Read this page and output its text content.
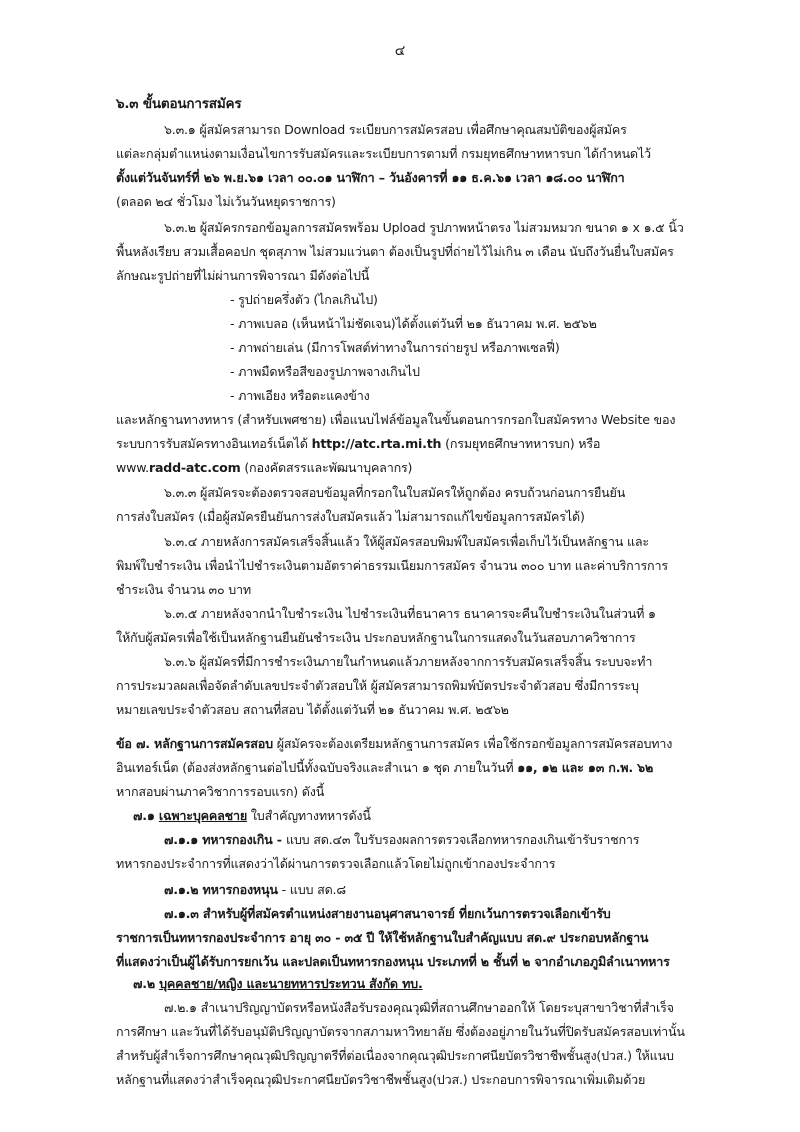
๔
๖.๓ ขั้นตอนการสมัคร
๖.๓.๑ ผู้สมัครสามารถ Download ระเบียบการสมัครสอบ เพื่อศึกษาคุณสมบัติของผู้สมัคร
แต่ละกลุ่มตำแหน่งตามเงื่อนไขการรับสมัครและระเบียบการตามที่ กรมยุทธศึกษาทหารบก ได้กำหนดไว้
ตั้งแต่วันจันทร์ที่ ๒๖ พ.ย.๖๑ เวลา ๐๐.๐๑ นาฬิกา – วันอังคารที่ ๑๑ ธ.ค.๖๑ เวลา ๑๘.๐๐ นาฬิกา
(ตลอด ๒๔ ชั่วโมง ไม่เว้นวันหยุดราชการ)
๖.๓.๒ ผู้สมัครกรอกข้อมูลการสมัครพร้อม Upload รูปภาพหน้าตรง ไม่สวมหมวก ขนาด ๑ x ๑.๕ นิ้ว
พื้นหลังเรียบ สวมเสื้อคอปก ชุดสุภาพ ไม่สวมแว่นตา ต้องเป็นรูปที่ถ่ายไว้ไม่เกิน ๓ เดือน นับถึงวันยื่นใบสมัคร
ลักษณะรูปถ่ายที่ไม่ผ่านการพิจารณา มีดังต่อไปนี้
- รูปถ่ายครึ่งตัว (ไกลเกินไป)
- ภาพเบลอ (เห็นหน้าไม่ชัดเจน)ได้ตั้งแต่วันที่ ๒๑ ธันวาคม พ.ศ. ๒๕๖๒
- ภาพถ่ายเล่น (มีการโพสต์ท่าทางในการถ่ายรูป หรือภาพเซลฟี่)
- ภาพมืดหรือสีของรูปภาพจางเกินไป
- ภาพเอียง หรือตะแคงข้าง
และหลักฐานทางทหาร (สำหรับเพศชาย) เพื่อแนบไฟล์ข้อมูลในขั้นตอนการกรอกใบสมัครทาง Website ของ
ระบบการรับสมัครทางอินเทอร์เน็ตได้ http://atc.rta.mi.th (กรมยุทธศึกษาทหารบก) หรือ
www.radd-atc.com (กองคัดสรรและพัฒนาบุคลากร)
๖.๓.๓ ผู้สมัครจะต้องตรวจสอบข้อมูลที่กรอกในใบสมัครให้ถูกต้อง ครบถ้วนก่อนการยืนยัน
การส่งใบสมัคร (เมื่อผู้สมัครยืนยันการส่งใบสมัครแล้ว ไม่สามารถแก้ไขข้อมูลการสมัครได้)
๖.๓.๔ ภายหลังการสมัครเสร็จสิ้นแล้ว ให้ผู้สมัครสอบพิมพ์ใบสมัครเพื่อเก็บไว้เป็นหลักฐาน และ
พิมพ์ใบชำระเงิน เพื่อนำไปชำระเงินตามอัตราค่าธรรมเนียมการสมัคร จำนวน ๓๐๐ บาท และค่าบริการการ
ชำระเงิน จำนวน ๓๐ บาท
๖.๓.๕ ภายหลังจากนำใบชำระเงิน ไปชำระเงินที่ธนาคาร ธนาคารจะคืนใบชำระเงินในส่วนที่ ๑
ให้กับผู้สมัครเพื่อใช้เป็นหลักฐานยืนยันชำระเงิน ประกอบหลักฐานในการแสดงในวันสอบภาควิชาการ
๖.๓.๖ ผู้สมัครที่มีการชำระเงินภายในกำหนดแล้วภายหลังจากการรับสมัครเสร็จสิ้น ระบบจะทำ
การประมวลผลเพื่อจัดลำดับเลขประจำตัวสอบให้ ผู้สมัครสามารถพิมพ์บัตรประจำตัวสอบ ซึ่งมีการระบุ
หมายเลขประจำตัวสอบ สถานที่สอบ ได้ตั้งแต่วันที่ ๒๑ ธันวาคม พ.ศ. ๒๕๖๒
ข้อ ๗. หลักฐานการสมัครสอบ ผู้สมัครจะต้องเตรียมหลักฐานการสมัคร เพื่อใช้กรอกข้อมูลการสมัครสอบทาง
อินเทอร์เน็ต (ต้องส่งหลักฐานต่อไปนี้ทั้งฉบับจริงและสำเนา ๑ ชุด ภายในวันที่ ๑๑, ๑๒ และ ๑๓ ก.พ. ๖๒
หากสอบผ่านภาควิชาการรอบแรก) ดังนี้
๗.๑ เฉพาะบุคคลชาย ใบสำคัญทางทหารดังนี้
๗.๑.๑ ทหารกองเกิน - แบบ สด.๔๓ ใบรับรองผลการตรวจเลือกทหารกองเกินเข้ารับราชการ
ทหารกองประจำการที่แสดงว่าได้ผ่านการตรวจเลือกแล้วโดยไม่ถูกเข้ากองประจำการ
๗.๑.๒ ทหารกองหนุน - แบบ สด.๘
๗.๑.๓ สำหรับผู้ที่สมัครตำแหน่งสายงานอนุศาสนาจารย์ ที่ยกเว้นการตรวจเลือกเข้ารับ
ราชการเป็นทหารกองประจำการ อายุ ๓๐ - ๓๕ ปี ให้ใช้หลักฐานใบสำคัญแบบ สด.๙ ประกอบหลักฐาน
ที่แสดงว่าเป็นผู้ได้รับการยกเว้น และปลดเป็นทหารกองหนุน ประเภทที่ ๒ ชั้นที่ ๒ จากอำเภอภูมิลำเนาทหาร
๗.๒ บุคคลชาย/หญิง และนายทหารประทวน สังกัด ทบ.
๗.๒.๑ สำเนาปริญญาบัตรหรือหนังสือรับรองคุณวุฒิที่สถานศึกษาออกให้ โดยระบุสาขาวิชาที่สำเร็จ
การศึกษา และวันที่ได้รับอนุมัติปริญญาบัตรจากสภามหาวิทยาลัย ซึ่งต้องอยู่ภายในวันที่ปิดรับสมัครสอบเท่านั้น
สำหรับผู้สำเร็จการศึกษาคุณวุฒิปริญญาตรีที่ต่อเนื่องจากคุณวุฒิประกาศนียบัตรวิชาชีพชั้นสูง(ปวส.) ให้แนบ
หลักฐานที่แสดงว่าสำเร็จคุณวุฒิประกาศนียบัตรวิชาชีพชั้นสูง(ปวส.) ประกอบการพิจารณาเพิ่มเติมด้วย
